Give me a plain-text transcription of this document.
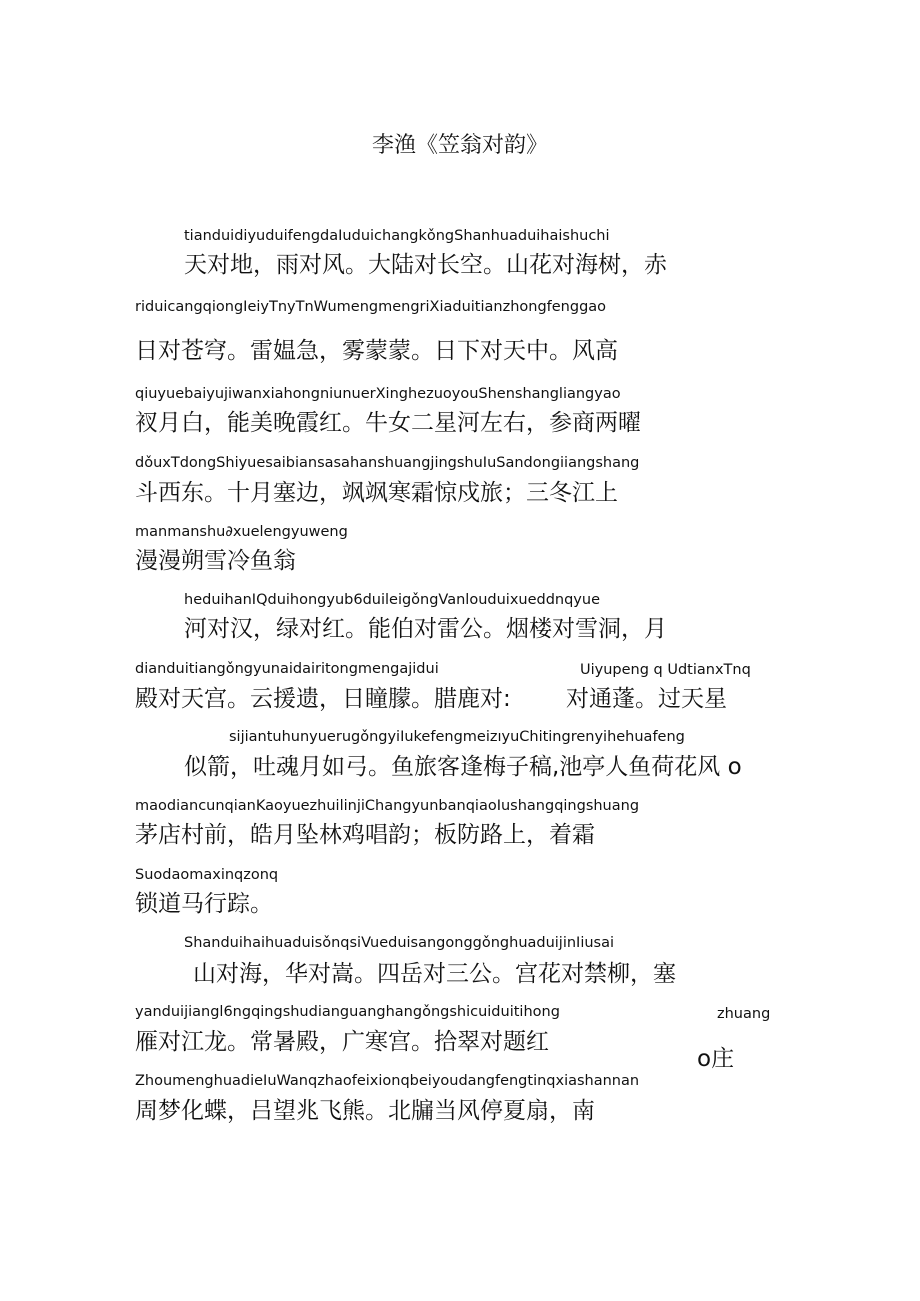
李渔《笠翁对韵》
tianduidiyuduifengdaIuduichangkǒngShanhuaduihaishuchi
天对地，雨对风。大陆对长空。山花对海树，赤
riduicangqiongIeiyTnyTnWumengmengriXiaduitianzhongfenggao
日对苍穹。雷媪急，雾蒙蒙。日下对天中。风高
qiuyuebaiyujiwanxiahongniunuerXinghezuoyouShenshangliangyao
衩月白，能美晚霞红。牛女二星河左右，参商两曜
dǒuxTdongShiyuesaibiansasahanshuangjingshuIuSandongiiangshang
斗西东。十月塞边，飒飒寒霜惊戍旅；三冬江上
manmanshu∂xuelengyuweng
漫漫朔雪冷鱼翁
heduihanIQduihongyub6duileigǒngVanlouduixueddnqyue
河对汉，绿对红。能伯对雷公。烟楼对雪洞，月
dianduitiangǒngyunaidairitongmengajidui	Uiyupeng q UdtianxTnq
殿对天宫。云援遗，日瞳朦。腊鹿对: 对通蓬。过天星
sijiantuhunyuerugǒngyiIukefengmeizıyuChitingrenyihehuafeng
似箭，吐魂月如弓。鱼旅客逢梅子稿,池亭人鱼荷花风 o
maodiancunqianKaoyuezhuilinjiChangyunbanqiaoIushangqingshuang
茅店村前，皓月坠林鸡唱韵；板防路上，着霜
Suodaomaxinqzonq
锁道马行踪。
ShanduihaihuaduisǒnqsiVueduisangonggǒnghuaduijinIiusai
山对海，华对嵩。四岳对三公。宫花对禁柳，塞
yanduijiangl6ngqingshudianguanghangǒngshicuiduitihong	zhuang
雁对江龙。常暑殿，广寒宫。拾翠对题红
o庄
ZhoumenghuadieIuWanqzhaofeixionqbeiyoudangfengtinqxiashannan
周梦化蝶，吕望兆飞熊。北牖当风停夏扇，南
